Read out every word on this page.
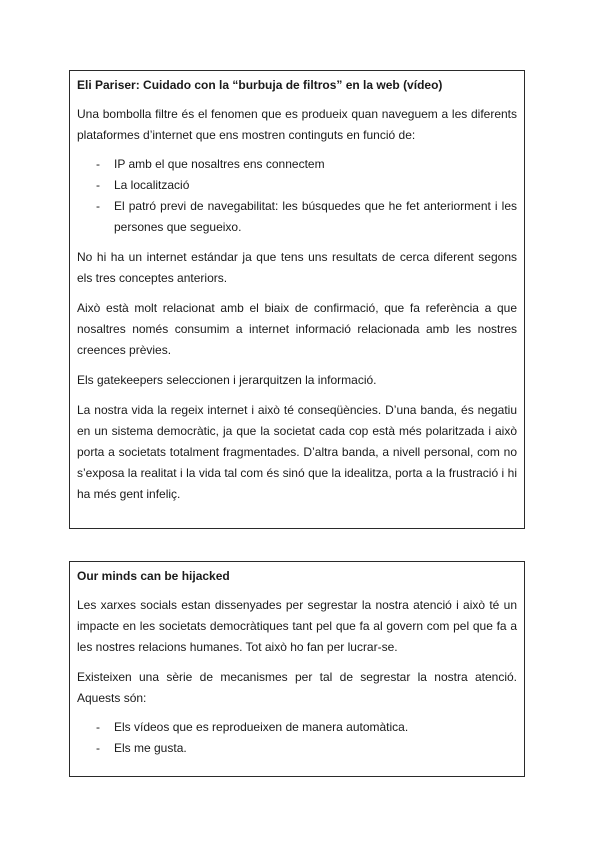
Eli Pariser: Cuidado con la “burbuja de filtros” en la web (vídeo)

Una bombolla filtre és el fenomen que es produeix quan naveguem a les diferents plataformes d’internet que ens mostren continguts en funció de:

- IP amb el que nosaltres ens connectem
- La localització
- El patró previ de navegabilitat: les búsquedes que he fet anteriorment i les persones que segueixo.

No hi ha un internet estándar ja que tens uns resultats de cerca diferent segons els tres conceptes anteriors.

Això està molt relacionat amb el biaix de confirmació, que fa referència a que nosaltres només consumim a internet informació relacionada amb les nostres creences prèvies.

Els gatekeepers seleccionen i jerarquitzen la informació.

La nostra vida la regeix internet i això té conseqüències. D’una banda, és negatiu en un sistema democràtic, ja que la societat cada cop està més polaritzada i això porta a societats totalment fragmentades. D’altra banda, a nivell personal, com no s’exposa la realitat i la vida tal com és sinó que la idealitza, porta a la frustració i hi ha més gent infeliç.

Our minds can be hijacked

Les xarxes socials estan dissenyades per segrestar la nostra atenció i això té un impacte en les societats democràtiques tant pel que fa al govern com pel que fa a les nostres relacions humanes. Tot això ho fan per lucrar-se.

Existeixen una sèrie de mecanismes per tal de segrestar la nostra atenció. Aquests són:

- Els vídeos que es reprodueixen de manera automàtica.
- Els me gusta.
